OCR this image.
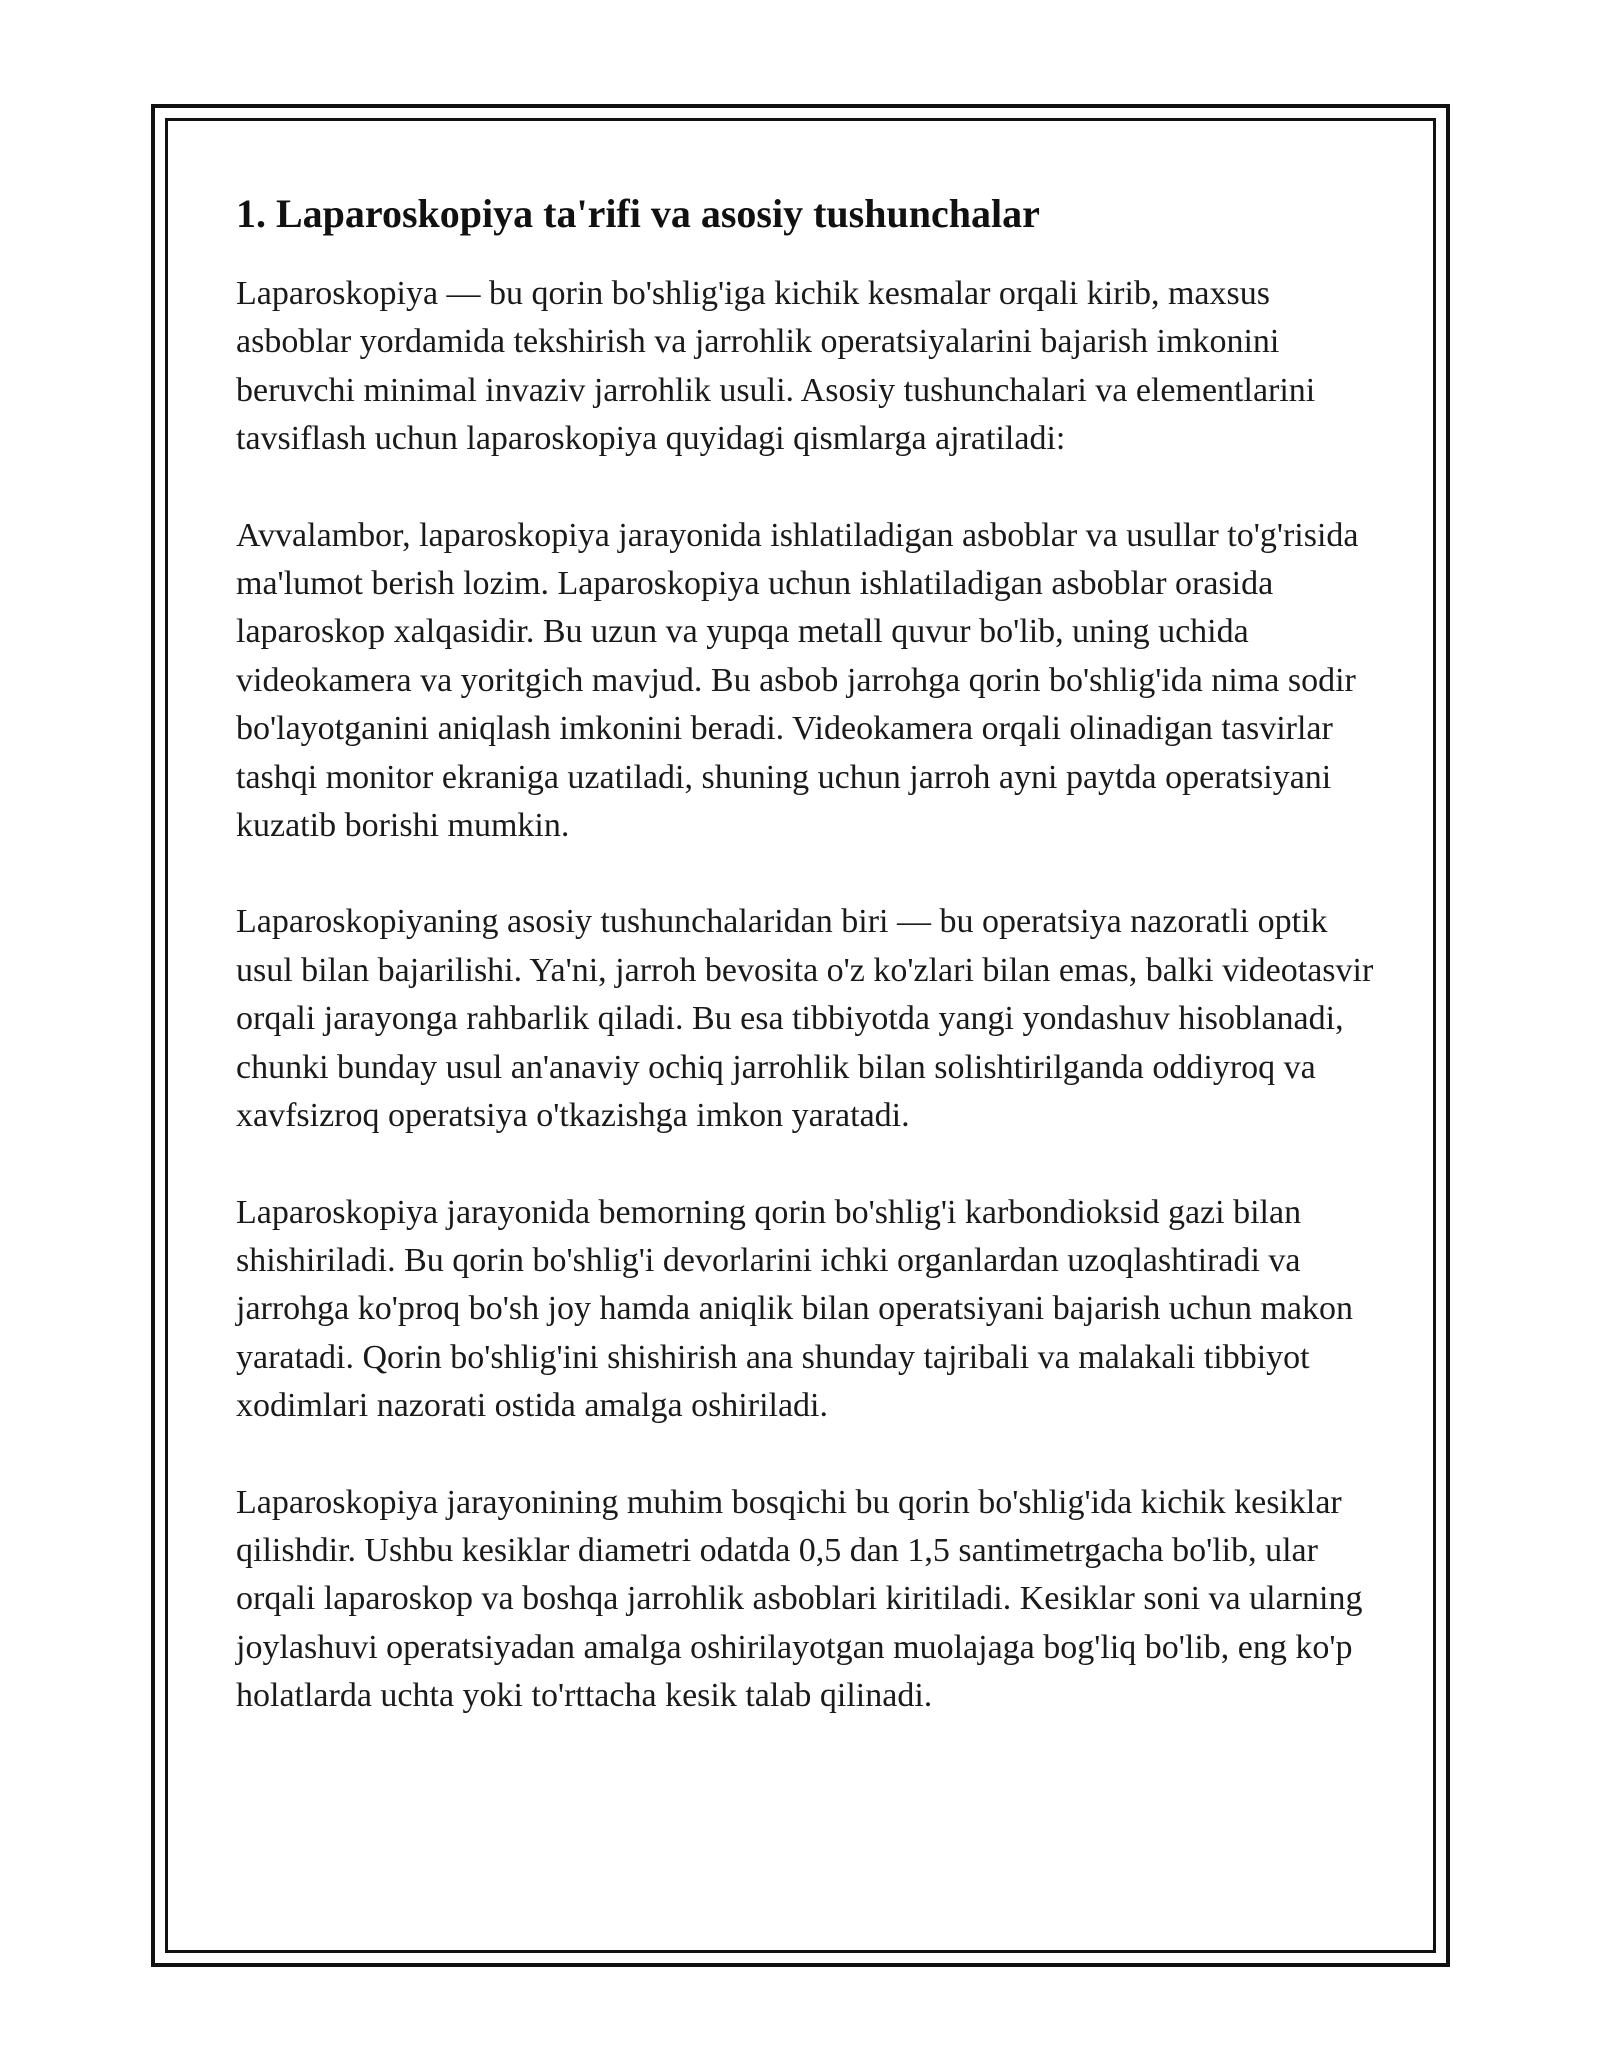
1. Laparoskopiya ta'rifi va asosiy tushunchalar

Laparoskopiya — bu qorin bo'shlig'iga kichik kesmalar orqali kirib, maxsus asboblar yordamida tekshirish va jarrohlik operatsiyalarini bajarish imkonini beruvchi minimal invaziv jarrohlik usuli. Asosiy tushunchalari va elementlarini tavsiflash uchun laparoskopiya quyidagi qismlarga ajratiladi:

Avvalambor, laparoskopiya jarayonida ishlatiladigan asboblar va usullar to'g'risida ma'lumot berish lozim. Laparoskopiya uchun ishlatiladigan asboblar orasida laparoskop xalqasidir. Bu uzun va yupqa metall quvur bo'lib, uning uchida videokamera va yoritgich mavjud. Bu asbob jarrohga qorin bo'shlig'ida nima sodir bo'layotganini aniqlash imkonini beradi. Videokamera orqali olinadigan tasvirlar tashqi monitor ekraniga uzatiladi, shuning uchun jarroh ayni paytda operatsiyani kuzatib borishi mumkin.

Laparoskopiyaning asosiy tushunchalaridan biri — bu operatsiya nazoratli optik usul bilan bajarilishi. Ya'ni, jarroh bevosita o'z ko'zlari bilan emas, balki videotasvir orqali jarayonga rahbarlik qiladi. Bu esa tibbiyotda yangi yondashuv hisoblanadi, chunki bunday usul an'anaviy ochiq jarrohlik bilan solishtirilganda oddiyroq va xavfsizroq operatsiya o'tkazishga imkon yaratadi.

Laparoskopiya jarayonida bemorning qorin bo'shlig'i karbondioksid gazi bilan shishiriladi. Bu qorin bo'shlig'i devorlarini ichki organlardan uzoqlashtiradi va jarrohga ko'proq bo'sh joy hamda aniqlik bilan operatsiyani bajarish uchun makon yaratadi. Qorin bo'shlig'ini shishirish ana shunday tajribali va malakali tibbiyot xodimlari nazorati ostida amalga oshiriladi.

Laparoskopiya jarayonining muhim bosqichi bu qorin bo'shlig'ida kichik kesiklar qilishdir. Ushbu kesiklar diametri odatda 0,5 dan 1,5 santimetrgacha bo'lib, ular orqali laparoskop va boshqa jarrohlik asboblari kiritiladi. Kesiklar soni va ularning joylashuvi operatsiyadan amalga oshirilayotgan muolajaga bog'liq bo'lib, eng ko'p holatlarda uchta yoki to'rttacha kesik talab qilinadi.
